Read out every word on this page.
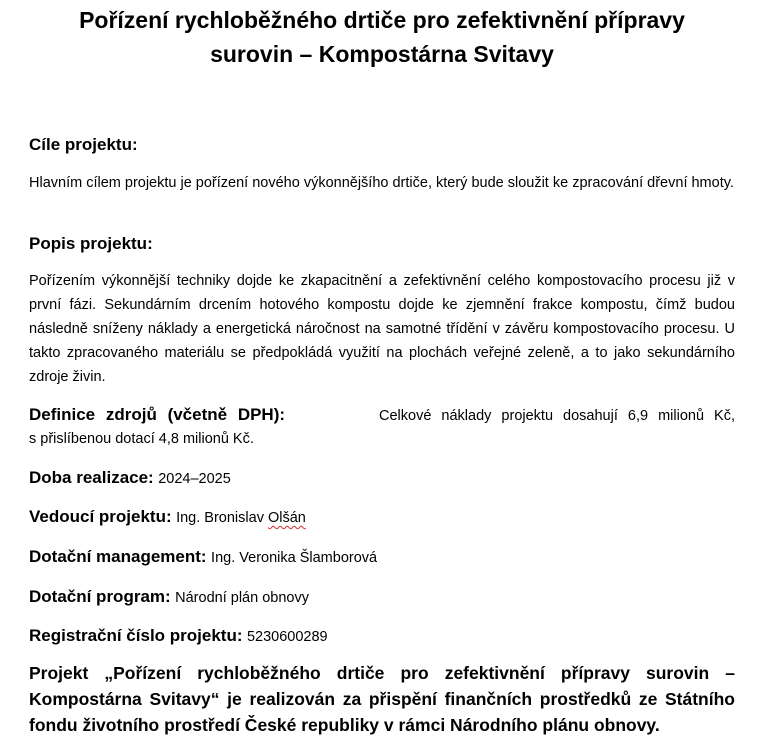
Pořízení rychloběžného drtiče pro zefektivnění přípravy
surovin – Kompostárna Svitavy
Cíle projektu:

Hlavním cílem projektu je pořízení nového výkonnějšího drtiče, který bude sloužit ke zpracování dřevní hmoty.

Popis projektu:

Pořízením výkonnější techniky dojde ke zkapacitnění a zefektivnění celého kompostovacího procesu již v první fázi. Sekundárním drcením hotového kompostu dojde ke zjemnění frakce kompostu, čímž budou následně sníženy náklady a energetická náročnost na samotné třídění v závěru kompostovacího procesu. U takto zpracovaného materiálu se předpokládá využití na plochách veřejné zeleně, a to jako sekundárního zdroje živin.

Definice zdrojů (včetně DPH):	Celkové náklady projektu dosahují 6,9 milionů Kč,
s přislíbenou dotací 4,8 milionů Kč.
Doba realizace: 2024–2025
Vedoucí projektu: Ing. Bronislav Olšán
Dotační management: Ing. Veronika Šlamborová
Dotační program: Národní plán obnovy
Registrační číslo projektu: 5230600289

Projekt „Pořízení rychloběžného drtiče pro zefektivnění přípravy surovin – Kompostárna Svitavy“ je realizován za přispění finančních prostředků ze Státního fondu životního prostředí České republiky v rámci Národního plánu obnovy.
